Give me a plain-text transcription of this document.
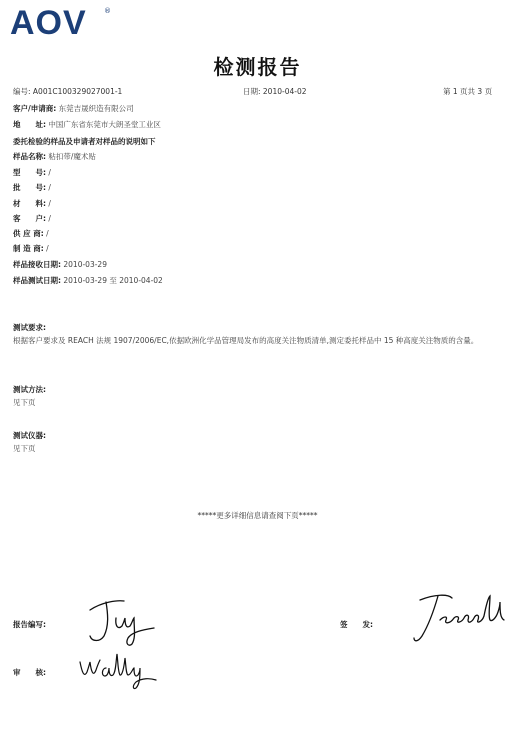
AOV ®
检测报告
编号: A001C100329027001-1	日期: 2010-04-02	第 1 页共 3 页
客户/申请商: 东莞吉晟织造有限公司
地　　址: 中国广东省东莞市大朗圣堂工业区
委托检验的样品及申请者对样品的说明如下
样品名称: 粘扣带/魔术贴
型　　号: /
批　　号: /
材　　料: /
客　　户: /
供 应 商: /
制 造 商: /
样品接收日期: 2010-03-29
样品测试日期: 2010-03-29 至 2010-04-02
测试要求:
根据客户要求及 REACH 法规 1907/2006/EC,依据欧洲化学品管理局发布的高度关注物质清单,测定委托样品中 15 种高度关注物质的含量。
测试方法:
见下页
测试仪器:
见下页
*****更多详细信息请查阅下页*****
报告编写:	签　　发:
审　　核:
